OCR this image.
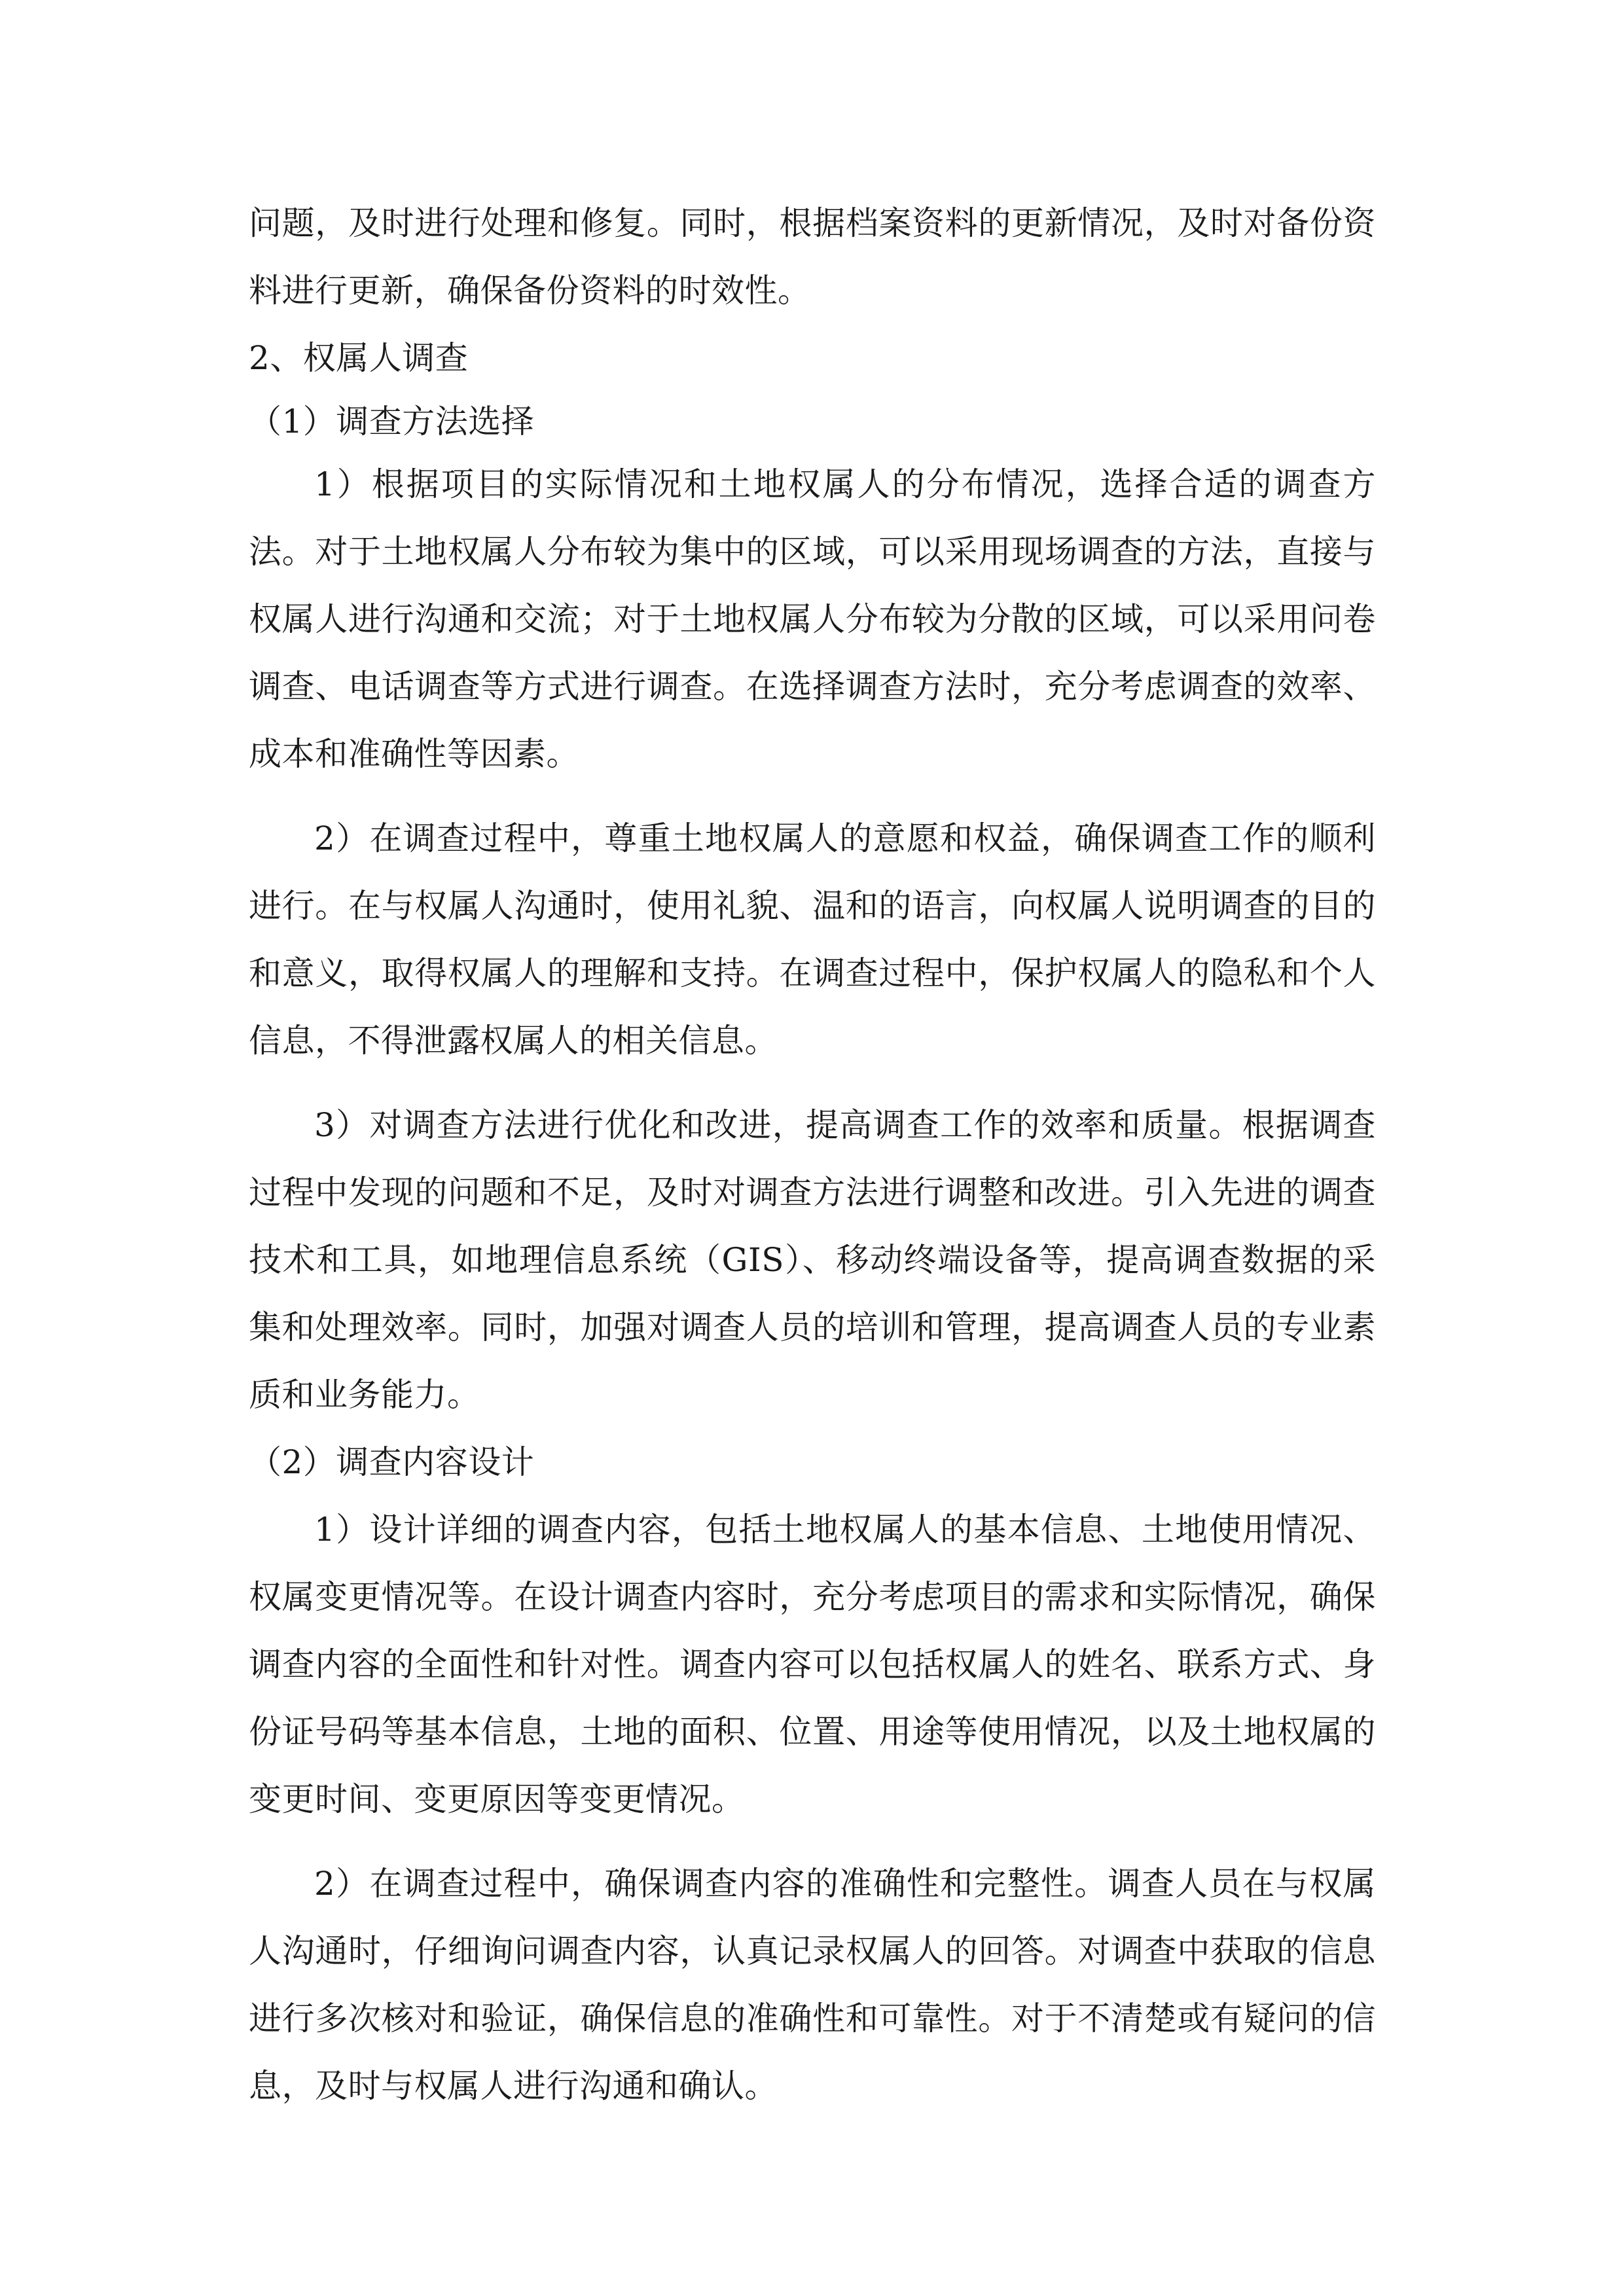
问题，及时进行处理和修复。同时，根据档案资料的更新情况，及时对备份资料进行更新，确保备份资料的时效性。

2、权属人调查

（1）调查方法选择

1）根据项目的实际情况和土地权属人的分布情况，选择合适的调查方法。对于土地权属人分布较为集中的区域，可以采用现场调查的方法，直接与权属人进行沟通和交流；对于土地权属人分布较为分散的区域，可以采用问卷调查、电话调查等方式进行调查。在选择调查方法时，充分考虑调查的效率、成本和准确性等因素。

2）在调查过程中，尊重土地权属人的意愿和权益，确保调查工作的顺利进行。在与权属人沟通时，使用礼貌、温和的语言，向权属人说明调查的目的和意义，取得权属人的理解和支持。在调查过程中，保护权属人的隐私和个人信息，不得泄露权属人的相关信息。

3）对调查方法进行优化和改进，提高调查工作的效率和质量。根据调查过程中发现的问题和不足，及时对调查方法进行调整和改进。引入先进的调查技术和工具，如地理信息系统（GIS）、移动终端设备等，提高调查数据的采集和处理效率。同时，加强对调查人员的培训和管理，提高调查人员的专业素质和业务能力。

（2）调查内容设计

1）设计详细的调查内容，包括土地权属人的基本信息、土地使用情况、权属变更情况等。在设计调查内容时，充分考虑项目的需求和实际情况，确保调查内容的全面性和针对性。调查内容可以包括权属人的姓名、联系方式、身份证号码等基本信息，土地的面积、位置、用途等使用情况，以及土地权属的变更时间、变更原因等变更情况。

2）在调查过程中，确保调查内容的准确性和完整性。调查人员在与权属人沟通时，仔细询问调查内容，认真记录权属人的回答。对调查中获取的信息进行多次核对和验证，确保信息的准确性和可靠性。对于不清楚或有疑问的信息，及时与权属人进行沟通和确认。
